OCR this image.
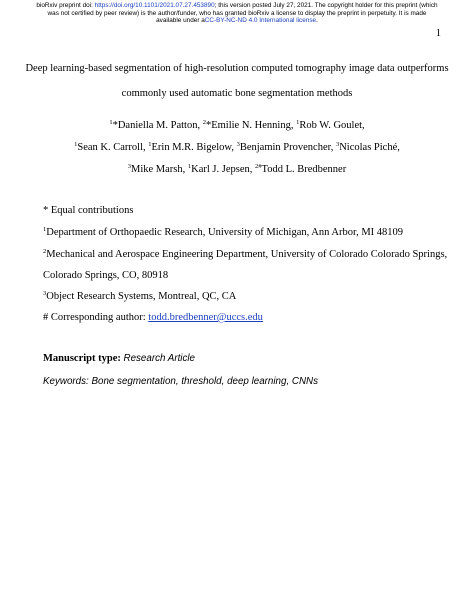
bioRxiv preprint doi: https://doi.org/10.1101/2021.07.27.453890; this version posted July 27, 2021. The copyright holder for this preprint (which
was not certified by peer review) is the author/funder, who has granted bioRxiv a license to display the preprint in perpetuity. It is made
available under aCC-BY-NC-ND 4.0 International license.
1
Deep learning-based segmentation of high-resolution computed tomography image data outperforms
commonly used automatic bone segmentation methods
$^1$*Daniella M. Patton, $^2$*Emilie N. Henning, $^1$Rob W. Goulet,
$^1$Sean K. Carroll, $^1$Erin M.R. Bigelow, $^3$Benjamin Provencher, $^3$Nicolas Piché,
$^3$Mike Marsh, $^1$Karl J. Jepsen, $^{2\#}$Todd L. Bredbenner
* Equal contributions
$^1$Department of Orthopaedic Research, University of Michigan, Ann Arbor, MI 48109
$^2$Mechanical and Aerospace Engineering Department, University of Colorado Colorado Springs,
Colorado Springs, CO, 80918
$^3$Object Research Systems, Montreal, QC, CA
# Corresponding author: todd.bredbenner@uccs.edu
Manuscript type: Research Article
Keywords: Bone segmentation, threshold, deep learning, CNNs
